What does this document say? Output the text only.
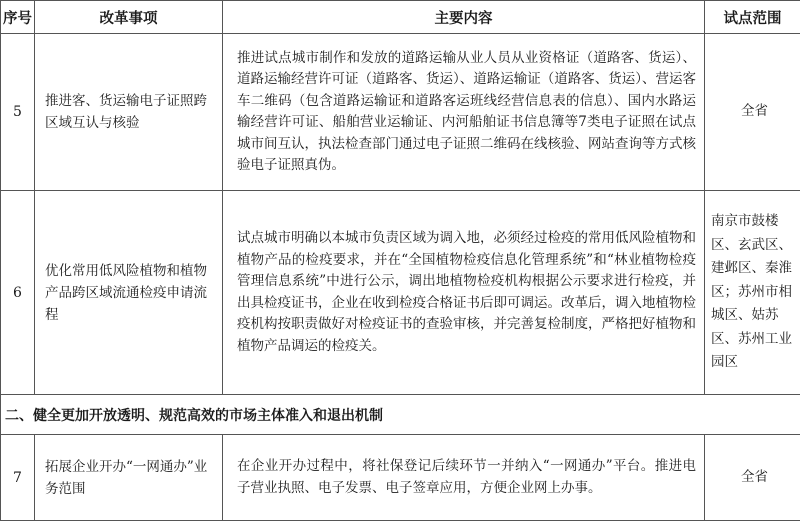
序号	改革事项	主要内容	试点范围
5	推进客、货运输电子证照跨区域互认与核验	推进试点城市制作和发放的道路运输从业人员从业资格证（道路客、货运）、道路运输经营许可证（道路客、货运）、道路运输证（道路客、货运）、营运客车二维码（包含道路运输证和道路客运班线经营信息表的信息）、国内水路运输经营许可证、船舶营业运输证、内河船舶证书信息簿等7类电子证照在试点城市间互认，执法检查部门通过电子证照二维码在线核验、网站查询等方式核验电子证照真伪。	全省
6	优化常用低风险植物和植物产品跨区域流通检疫申请流程	试点城市明确以本城市负责区域为调入地，必须经过检疫的常用低风险植物和植物产品的检疫要求，并在“全国植物检疫信息化管理系统”和“林业植物检疫管理信息系统”中进行公示，调出地植物检疫机构根据公示要求进行检疫，并出具检疫证书，企业在收到检疫合格证书后即可调运。改革后，调入地植物检疫机构按职责做好对检疫证书的查验审核，并完善复检制度，严格把好植物和植物产品调运的检疫关。	南京市鼓楼区、玄武区、建邺区、秦淮区；苏州市相城区、姑苏区、苏州工业园区
二、健全更加开放透明、规范高效的市场主体准入和退出机制			
7	拓展企业开办“一网通办”业务范围	在企业开办过程中，将社保登记后续环节一并纳入“一网通办”平台。推进电子营业执照、电子发票、电子签章应用，方便企业网上办事。	全省
